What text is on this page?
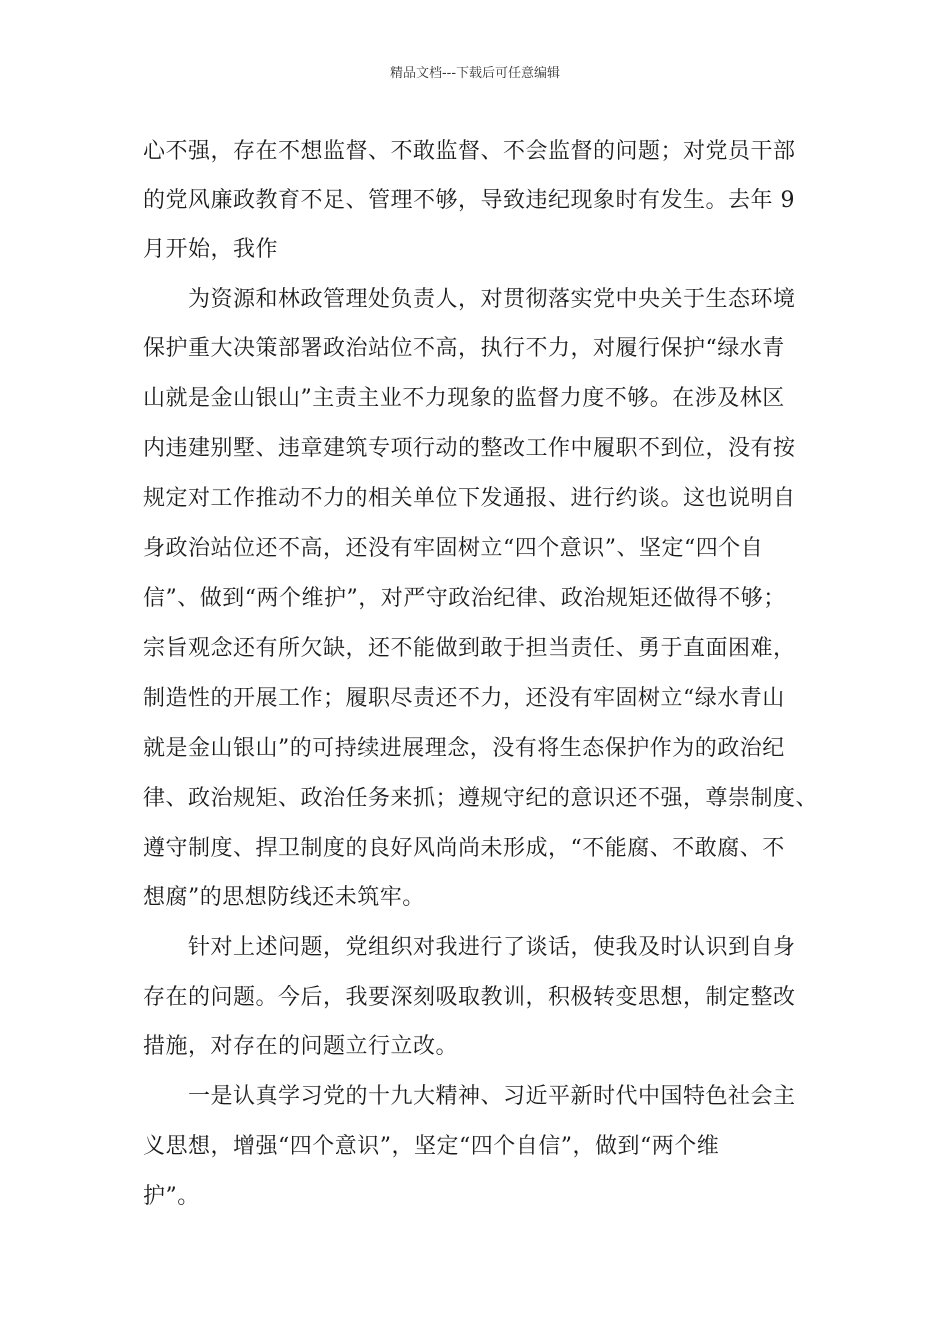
精品文档---下载后可任意编辑
心不强，存在不想监督、不敢监督、不会监督的问题；对党员干部
的党风廉政教育不足、管理不够，导致违纪现象时有发生。去年 9
月开始，我作
为资源和林政管理处负责人，对贯彻落实党中央关于生态环境
保护重大决策部署政治站位不高，执行不力，对履行保护“绿水青
山就是金山银山”主责主业不力现象的监督力度不够。在涉及林区
内违建别墅、违章建筑专项行动的整改工作中履职不到位，没有按
规定对工作推动不力的相关单位下发通报、进行约谈。这也说明自
身政治站位还不高，还没有牢固树立“四个意识”、坚定“四个自
信”、做到“两个维护”，对严守政治纪律、政治规矩还做得不够；
宗旨观念还有所欠缺，还不能做到敢于担当责任、勇于直面困难，
制造性的开展工作；履职尽责还不力，还没有牢固树立“绿水青山
就是金山银山”的可持续进展理念，没有将生态保护作为的政治纪
律、政治规矩、政治任务来抓；遵规守纪的意识还不强，尊崇制度、
遵守制度、捍卫制度的良好风尚尚未形成，“不能腐、不敢腐、不
想腐”的思想防线还未筑牢。
针对上述问题，党组织对我进行了谈话，使我及时认识到自身
存在的问题。今后，我要深刻吸取教训，积极转变思想，制定整改
措施，对存在的问题立行立改。
一是认真学习党的十九大精神、习近平新时代中国特色社会主
义思想，增强“四个意识”，坚定“四个自信”，做到“两个维
护”。
